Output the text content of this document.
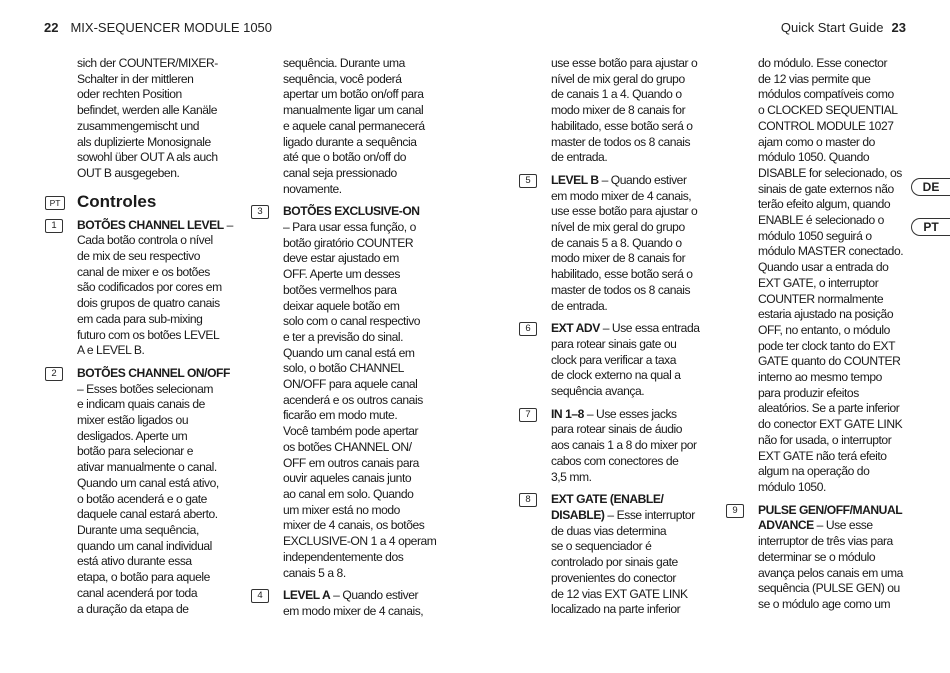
22 MIX-SEQUENCER MODULE 1050	Quick Start Guide 23
DE
PT
sich der COUNTER/MIXER-
Schalter in der mittleren
oder rechten Position
befindet, werden alle Kanäle
zusammengemischt und
als duplizierte Monosignale
sowohl über OUT A als auch
OUT B ausgegeben.
PT Controles
1	BOTÕES CHANNEL LEVEL –
Cada botão controla o nível
de mix de seu respectivo
canal de mixer e os botões
são codificados por cores em
dois grupos de quatro canais
em cada para sub-mixing
futuro com os botões LEVEL
A e LEVEL B.
2	BOTÕES CHANNEL ON/OFF
– Esses botões selecionam
e indicam quais canais de
mixer estão ligados ou
desligados. Aperte um
botão para selecionar e
ativar manualmente o canal.
Quando um canal está ativo,
o botão acenderá e o gate
daquele canal estará aberto.
Durante uma sequência,
quando um canal individual
está ativo durante essa
etapa, o botão para aquele
canal acenderá por toda
a duração da etapa de
sequência. Durante uma
sequência, você poderá
apertar um botão on/off para
manualmente ligar um canal
e aquele canal permanecerá
ligado durante a sequência
até que o botão on/off do
canal seja pressionado
novamente.
3	BOTÕES EXCLUSIVE-ON
– Para usar essa função, o
botão giratório COUNTER
deve estar ajustado em
OFF. Aperte um desses
botões vermelhos para
deixar aquele botão em
solo com o canal respectivo
e ter a previsão do sinal.
Quando um canal está em
solo, o botão CHANNEL
ON/OFF para aquele canal
acenderá e os outros canais
ficarão em modo mute.
Você também pode apertar
os botões CHANNEL ON/
OFF em outros canais para
ouvir aqueles canais junto
ao canal em solo. Quando
um mixer está no modo
mixer de 4 canais, os botões
EXCLUSIVE-ON 1 a 4 operam
independentemente dos
canais 5 a 8.
4	LEVEL A – Quando estiver
em modo mixer de 4 canais,
use esse botão para ajustar o
nível de mix geral do grupo
de canais 1 a 4. Quando o
modo mixer de 8 canais for
habilitado, esse botão será o
master de todos os 8 canais
de entrada.
5	LEVEL B – Quando estiver
em modo mixer de 4 canais,
use esse botão para ajustar o
nível de mix geral do grupo
de canais 5 a 8. Quando o
modo mixer de 8 canais for
habilitado, esse botão será o
master de todos os 8 canais
de entrada.
6	EXT ADV – Use essa entrada
para rotear sinais gate ou
clock para verificar a taxa
de clock externo na qual a
sequência avança.
7	IN 1–8 – Use esses jacks
para rotear sinais de áudio
aos canais 1 a 8 do mixer por
cabos com conectores de
3,5 mm.
8	EXT GATE (ENABLE/
DISABLE) – Esse interruptor
de duas vias determina
se o sequenciador é
controlado por sinais gate
provenientes do conector
de 12 vias EXT GATE LINK
localizado na parte inferior
do módulo. Esse conector
de 12 vias permite que
módulos compatíveis como
o CLOCKED SEQUENTIAL
CONTROL MODULE 1027
ajam como o master do
módulo 1050. Quando
DISABLE for selecionado, os
sinais de gate externos não
terão efeito algum, quando
ENABLE é selecionado o
módulo 1050 seguirá o
módulo MASTER conectado.
Quando usar a entrada do
EXT GATE, o interruptor
COUNTER normalmente
estaria ajustado na posição
OFF, no entanto, o módulo
pode ter clock tanto do EXT
GATE quanto do COUNTER
interno ao mesmo tempo
para produzir efeitos
aleatórios. Se a parte inferior
do conector EXT GATE LINK
não for usada, o interruptor
EXT GATE não terá efeito
algum na operação do
módulo 1050.
9	PULSE GEN/OFF/MANUAL
ADVANCE – Use esse
interruptor de três vias para
determinar se o módulo
avança pelos canais em uma
sequência (PULSE GEN) ou
se o módulo age como um
